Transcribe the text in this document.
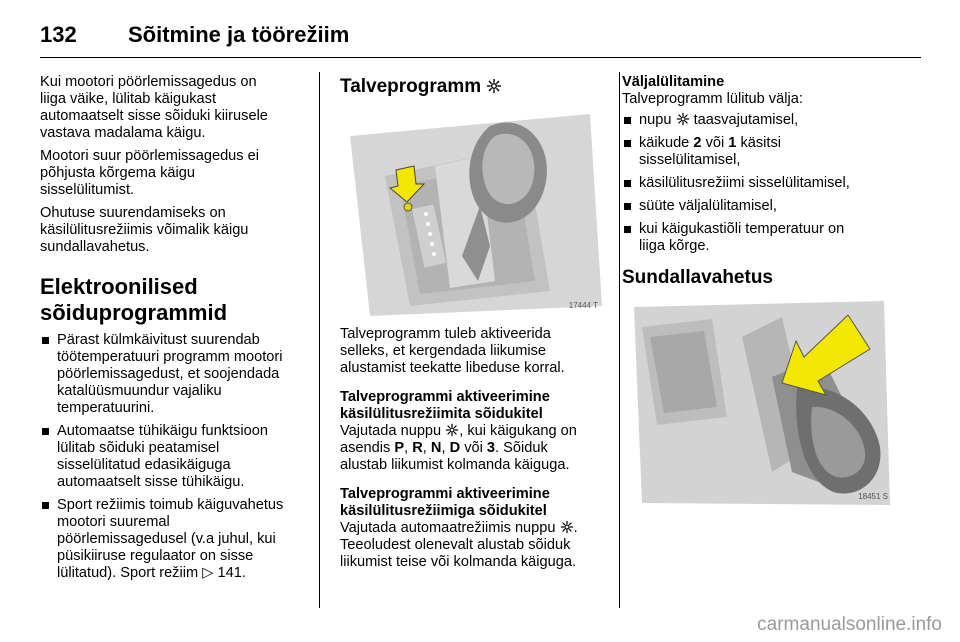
132 Sõitmine ja töörežiim

Kui mootori pöörlemissagedus on
liiga väike, lülitab käigukast
automaatselt sisse sõiduki kiirusele
vastava madalama käigu.

Mootori suur pöörlemissagedus ei
põhjusta kõrgema käigu
sisselülitumist.

Ohutuse suurendamiseks on
käsilülitusrežiimis võimalik käigu
sundallavahetus.

Elektroonilised
sõiduprogrammid
Pärast külmkäivitust suurendab
töötemperatuuri programm mootori
pöörlemissagedust, et soojendada
katalüüsmuundur vajaliku
temperatuurini.
Automaatse tühikäigu funktsioon
lülitab sõiduki peatamisel
sisselülitatud edasikäiguga
automaatselt sisse tühikäigu.
Sport režiimis toimub käiguvahetus
mootori suuremal
pöörlemissagedusel (v.a juhul, kui
püsikiiruse regulaator on sisse
lülitatud). Sport režiim ▷ 141.
Talveprogramm
17444 T

Talveprogramm tuleb aktiveerida
selleks, et kergendada liikumise
alustamist teekatte libeduse korral.

Talveprogrammi aktiveerimine
käsilülitusrežiimita sõidukitel

Vajutada nuppu , kui käigukang on
asendis P, R, N, D või 3. Sõiduk
alustab liikumist kolmanda käiguga.

Talveprogrammi aktiveerimine
käsilülitusrežiimiga sõidukitel

Vajutada automaatrežiimis nuppu .
Teeoludest olenevalt alustab sõiduk
liikumist teise või kolmanda käiguga.

Väljalülitamine

Talveprogramm lülitub välja:

nupu taasvajutamisel,
käikude 2 või 1 käsitsi
sisselülitamisel,
käsilülitusrežiimi sisselülitamisel,
süüte väljalülitamisel,
kui käigukastiõli temperatuur on
liiga kõrge.
Sundallavahetus
18451 S
carmanualsonline.info
